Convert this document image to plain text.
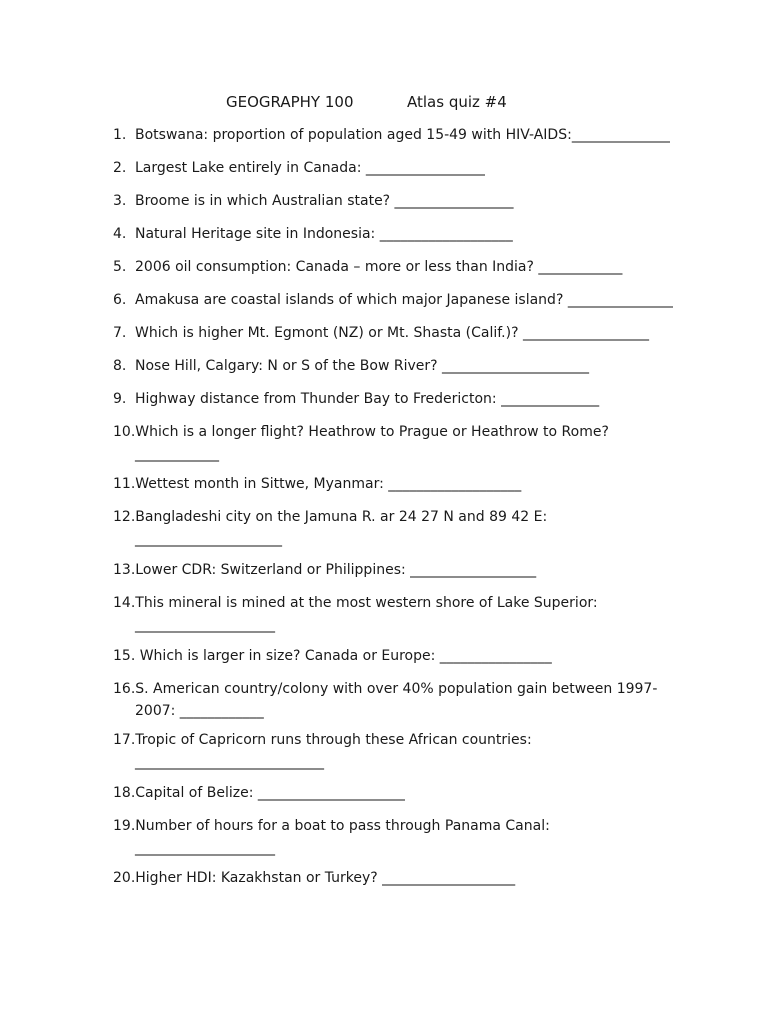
GEOGRAPHY 100	Atlas quiz #4
1. Botswana: proportion of population aged 15-49 with HIV-AIDS:______________
2. Largest Lake entirely in Canada: _________________
3. Broome is in which Australian state? _________________
4. Natural Heritage site in Indonesia: ___________________
5. 2006 oil consumption: Canada – more or less than India? ____________
6. Amakusa are coastal islands of which major Japanese island? _______________
7. Which is higher Mt. Egmont (NZ) or Mt. Shasta (Calif.)? __________________
8. Nose Hill, Calgary: N or S of the Bow River? _____________________
9. Highway distance from Thunder Bay to Fredericton: ______________
10.Which is a longer flight? Heathrow to Prague or Heathrow to Rome?
____________
11.Wettest month in Sittwe, Myanmar: ___________________
12.Bangladeshi city on the Jamuna R. ar 24 27 N and 89 42 E:
_____________________
13.Lower CDR: Switzerland or Philippines: __________________
14.This mineral is mined at the most western shore of Lake Superior:
____________________
15. Which is larger in size? Canada or Europe: ________________
16.S. American country/colony with over 40% population gain between 1997-
2007: ____________
17.Tropic of Capricorn runs through these African countries:
___________________________
18.Capital of Belize: _____________________
19.Number of hours for a boat to pass through Panama Canal:
____________________
20.Higher HDI: Kazakhstan or Turkey? ___________________
